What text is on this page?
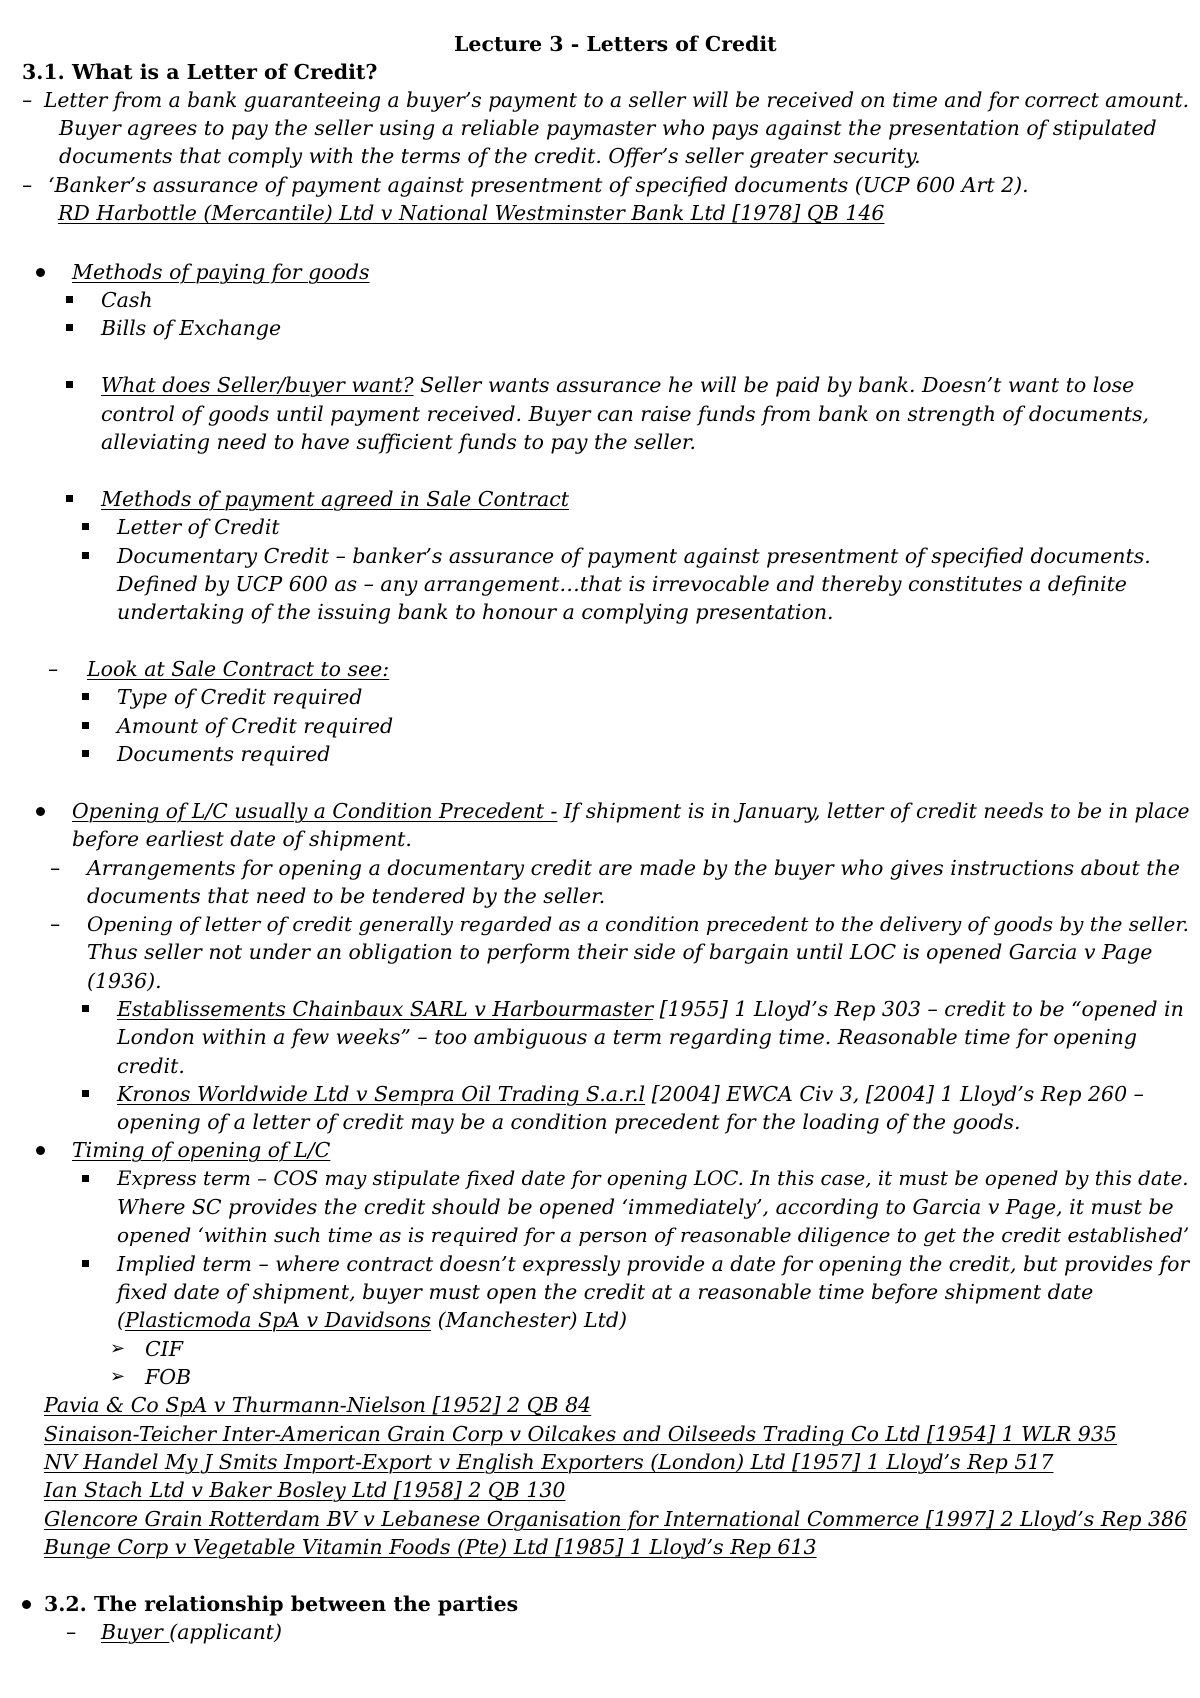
Lecture 3 - Letters of Credit
3.1. What is a Letter of Credit?
– Letter from a bank guaranteeing a buyer’s payment to a seller will be received on time and for correct amount.
Buyer agrees to pay the seller using a reliable paymaster who pays against the presentation of stipulated
documents that comply with the terms of the credit. Offer’s seller greater security.
– ‘Banker’s assurance of payment against presentment of specified documents (UCP 600 Art 2).
RD Harbottle (Mercantile) Ltd v National Westminster Bank Ltd [1978] QB 146
Methods of paying for goods
Cash
Bills of Exchange
What does Seller/buyer want? Seller wants assurance he will be paid by bank. Doesn’t want to lose
control of goods until payment received. Buyer can raise funds from bank on strength of documents,
alleviating need to have sufficient funds to pay the seller.
Methods of payment agreed in Sale Contract
Letter of Credit
Documentary Credit – banker’s assurance of payment against presentment of specified documents.
Defined by UCP 600 as – any arrangement…that is irrevocable and thereby constitutes a definite
undertaking of the issuing bank to honour a complying presentation.
– Look at Sale Contract to see:
Type of Credit required
Amount of Credit required
Documents required
Opening of L/C usually a Condition Precedent - If shipment is in January, letter of credit needs to be in place
before earliest date of shipment.
– Arrangements for opening a documentary credit are made by the buyer who gives instructions about the
documents that need to be tendered by the seller.
– Opening of letter of credit generally regarded as a condition precedent to the delivery of goods by the seller.
Thus seller not under an obligation to perform their side of bargain until LOC is opened Garcia v Page
(1936).
Establissements Chainbaux SARL v Harbourmaster [1955] 1 Lloyd’s Rep 303 – credit to be “opened in
London within a few weeks” – too ambiguous a term regarding time. Reasonable time for opening
credit.
Kronos Worldwide Ltd v Sempra Oil Trading S.a.r.l [2004] EWCA Civ 3, [2004] 1 Lloyd’s Rep 260 –
opening of a letter of credit may be a condition precedent for the loading of the goods.
Timing of opening of L/C
Express term – COS may stipulate fixed date for opening LOC. In this case, it must be opened by this date.
Where SC provides the credit should be opened ‘immediately’, according to Garcia v Page, it must be
opened ‘within such time as is required for a person of reasonable diligence to get the credit established’
Implied term – where contract doesn’t expressly provide a date for opening the credit, but provides for
fixed date of shipment, buyer must open the credit at a reasonable time before shipment date
(Plasticmoda SpA v Davidsons (Manchester) Ltd)
➢ CIF
➢ FOB
Pavia & Co SpA v Thurmann-Nielson [1952] 2 QB 84
Sinaison-Teicher Inter-American Grain Corp v Oilcakes and Oilseeds Trading Co Ltd [1954] 1 WLR 935
NV Handel My J Smits Import-Export v English Exporters (London) Ltd [1957] 1 Lloyd’s Rep 517
Ian Stach Ltd v Baker Bosley Ltd [1958] 2 QB 130
Glencore Grain Rotterdam BV v Lebanese Organisation for International Commerce [1997] 2 Lloyd’s Rep 386
Bunge Corp v Vegetable Vitamin Foods (Pte) Ltd [1985] 1 Lloyd’s Rep 613
3.2. The relationship between the parties
– Buyer (applicant)
